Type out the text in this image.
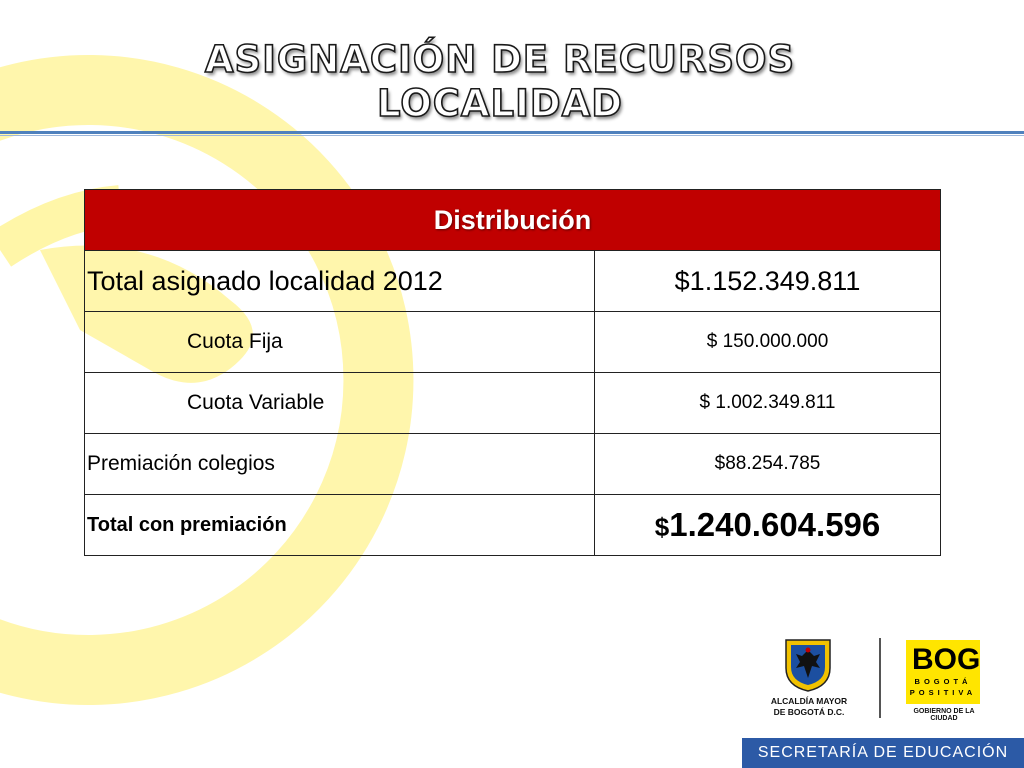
ASIGNACIÓN DE RECURSOS
LOCALIDAD
Distribución	
Total asignado localidad 2012	$1.152.349.811
Cuota Fija	$ 150.000.000
Cuota Variable	$ 1.002.349.811
Premiación colegios	$88.254.785
Total con premiación	$1.240.604.596
ALCALDÍA MAYOR
DE BOGOTÁ D.C.
BOG
BOGOTÁ
POSITIVA
GOBIERNO DE LA CIUDAD
SECRETARÍA DE EDUCACIÓN
